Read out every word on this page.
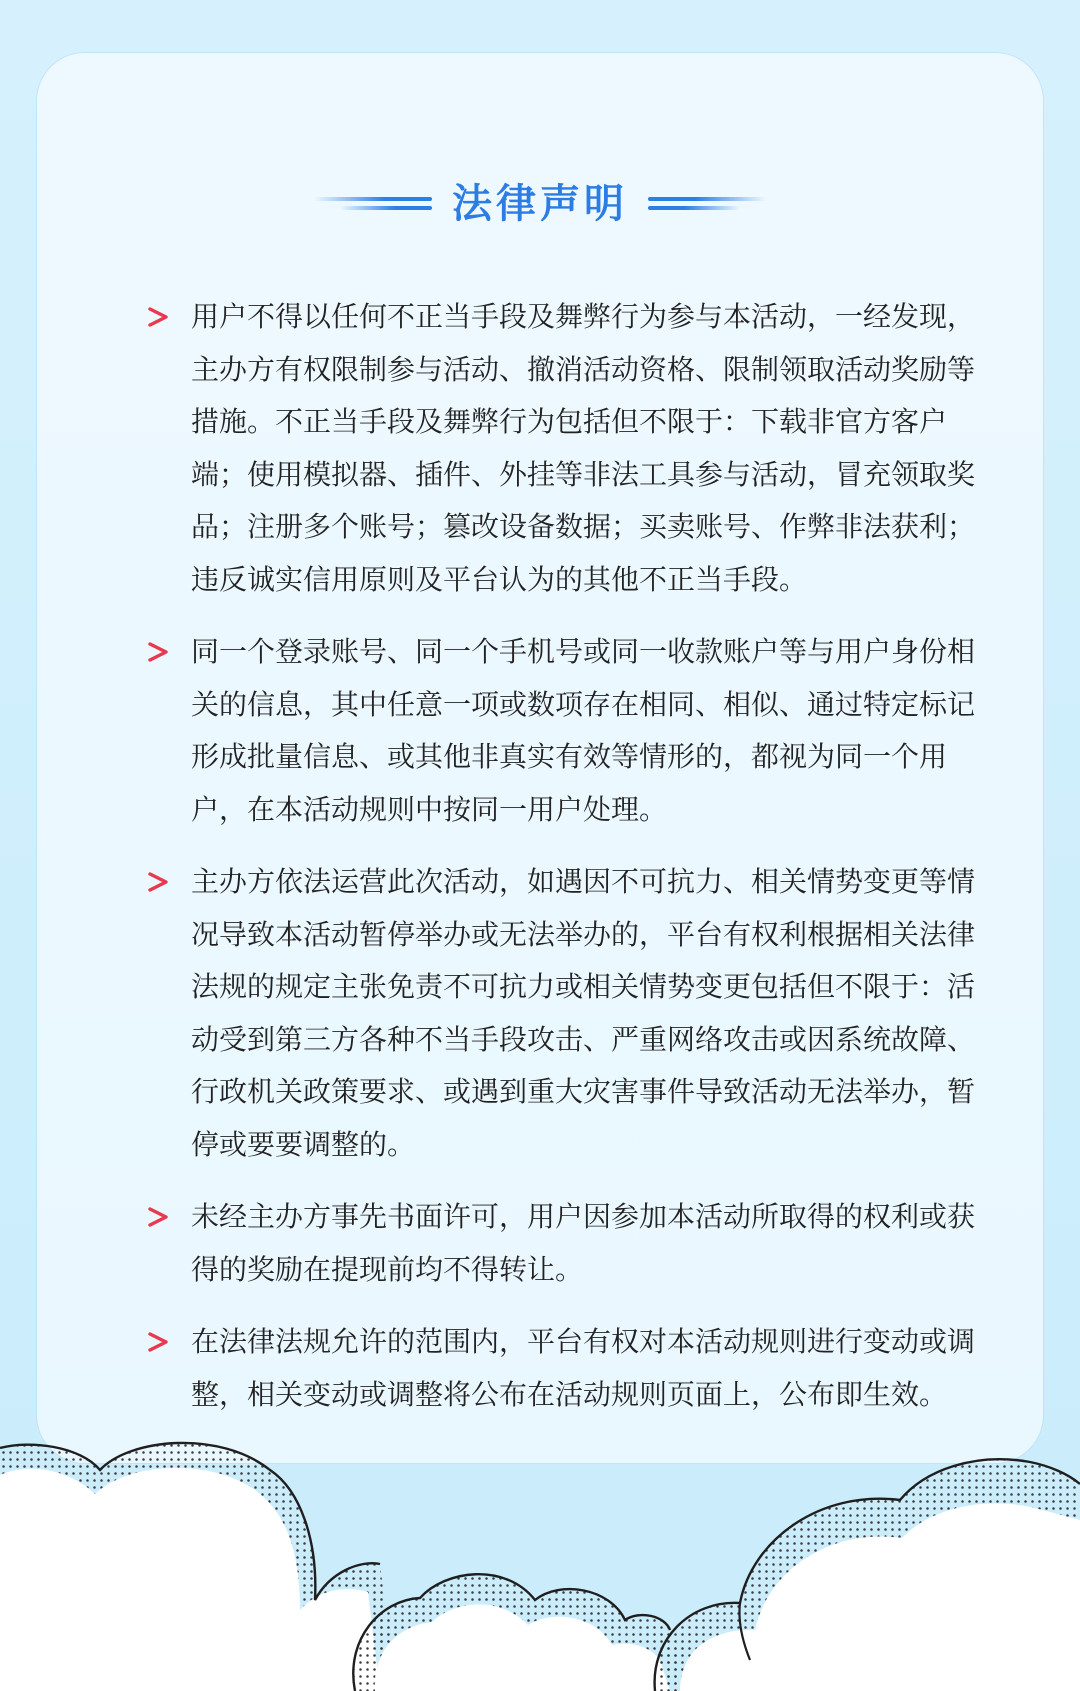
法律声明
用户不得以任何不正当手段及舞弊行为参与本活动，一经发现，主办方有权限制参与活动、撤消活动资格、限制领取活动奖励等措施。不正当手段及舞弊行为包括但不限于：下载非官方客户端；使用模拟器、插件、外挂等非法工具参与活动，冒充领取奖品；注册多个账号；篡改设备数据；买卖账号、作弊非法获利；违反诚实信用原则及平台认为的其他不正当手段。
同一个登录账号、同一个手机号或同一收款账户等与用户身份相关的信息，其中任意一项或数项存在相同、相似、通过特定标记形成批量信息、或其他非真实有效等情形的，都视为同一个用户，在本活动规则中按同一用户处理。
主办方依法运营此次活动，如遇因不可抗力、相关情势变更等情况导致本活动暂停举办或无法举办的，平台有权利根据相关法律法规的规定主张免责不可抗力或相关情势变更包括但不限于：活动受到第三方各种不当手段攻击、严重网络攻击或因系统故障、行政机关政策要求、或遇到重大灾害事件导致活动无法举办，暂停或要要调整的。
未经主办方事先书面许可，用户因参加本活动所取得的权利或获得的奖励在提现前均不得转让。
在法律法规允许的范围内，平台有权对本活动规则进行变动或调整，相关变动或调整将公布在活动规则页面上，公布即生效。
